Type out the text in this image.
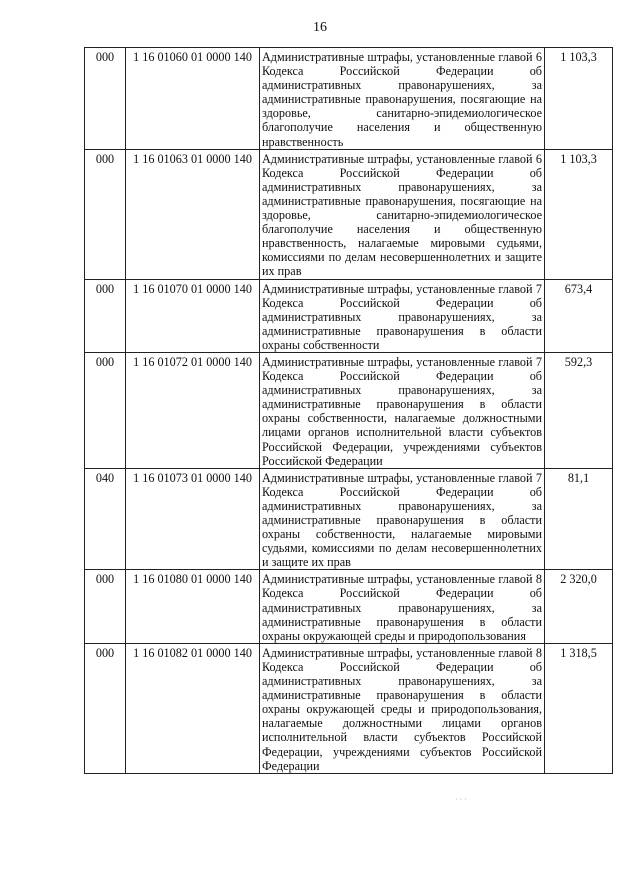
16
000	1 16 01060 01 0000 140	Административные штрафы, установленные главой 6 Кодекса Российской Федерации об административных правонарушениях, за административные правонарушения, посягающие на здоровье, санитарно-эпидемиологическое благополучие населения и общественную нравственность	1 103,3
000	1 16 01063 01 0000 140	Административные штрафы, установленные главой 6 Кодекса Российской Федерации об административных правонарушениях, за административные правонарушения, посягающие на здоровье, санитарно-эпидемиологическое благополучие населения и общественную нравственность, налагаемые мировыми судьями, комиссиями по делам несовершеннолетних и защите их прав	1 103,3
000	1 16 01070 01 0000 140	Административные штрафы, установленные главой 7 Кодекса Российской Федерации об административных правонарушениях, за административные правонарушения в области охраны собственности	673,4
000	1 16 01072 01 0000 140	Административные штрафы, установленные главой 7 Кодекса Российской Федерации об административных правонарушениях, за административные правонарушения в области охраны собственности, налагаемые должностными лицами органов исполнительной власти субъектов Российской Федерации, учреждениями субъектов Российской Федерации	592,3
040	1 16 01073 01 0000 140	Административные штрафы, установленные главой 7 Кодекса Российской Федерации об административных правонарушениях, за административные правонарушения в области охраны собственности, налагаемые мировыми судьями, комиссиями по делам несовершеннолетних и защите их прав	81,1
000	1 16 01080 01 0000 140	Административные штрафы, установленные главой 8 Кодекса Российской Федерации об административных правонарушениях, за административные правонарушения в области охраны окружающей среды и природопользования	2 320,0
000	1 16 01082 01 0000 140	Административные штрафы, установленные главой 8 Кодекса Российской Федерации об административных правонарушениях, за административные правонарушения в области охраны окружающей среды и природопользования, налагаемые должностными лицами органов исполнительной власти субъектов Российской Федерации, учреждениями субъектов Российской Федерации	1 318,5
· · ·
